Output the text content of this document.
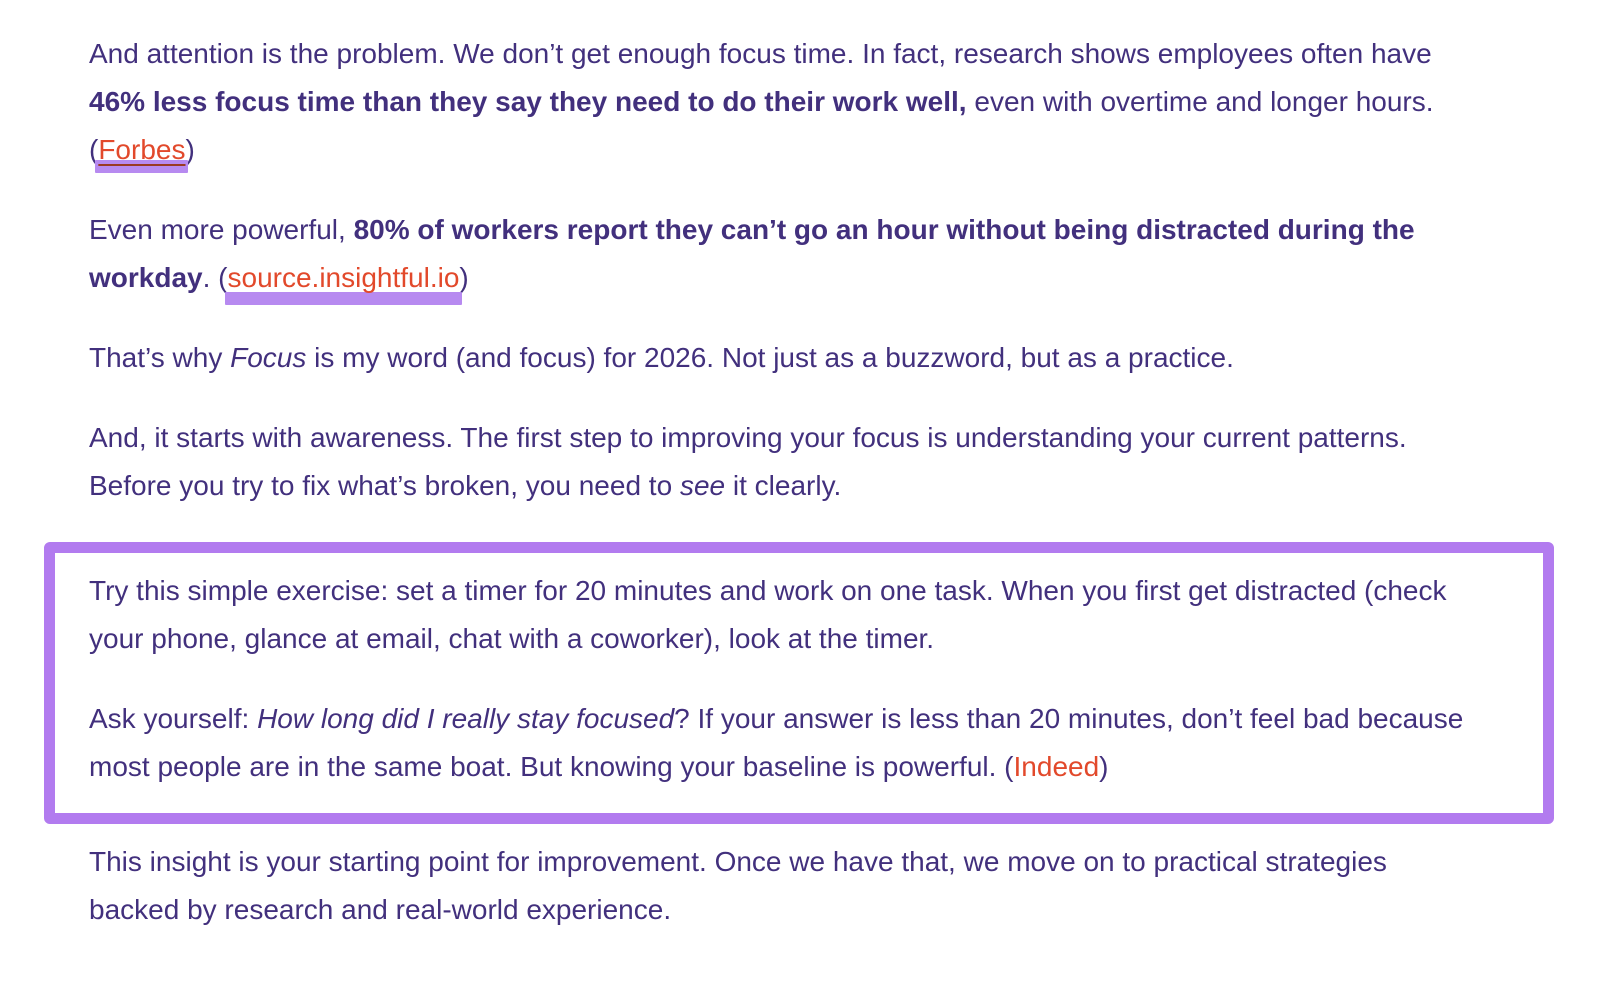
And attention is the problem. We don’t get enough focus time. In fact, research shows employees often have 46% less focus time than they say they need to do their work well, even with overtime and longer hours. (Forbes)

Even more powerful, 80% of workers report they can’t go an hour without being distracted during the workday. (source.insightful.io)

That’s why Focus is my word (and focus) for 2026. Not just as a buzzword, but as a practice.

And, it starts with awareness. The first step to improving your focus is understanding your current patterns. Before you try to fix what’s broken, you need to see it clearly.

Try this simple exercise: set a timer for 20 minutes and work on one task. When you first get distracted (check your phone, glance at email, chat with a coworker), look at the timer.

Ask yourself: How long did I really stay focused? If your answer is less than 20 minutes, don’t feel bad because most people are in the same boat. But knowing your baseline is powerful. (Indeed)

This insight is your starting point for improvement. Once we have that, we move on to practical strategies backed by research and real-world experience.
